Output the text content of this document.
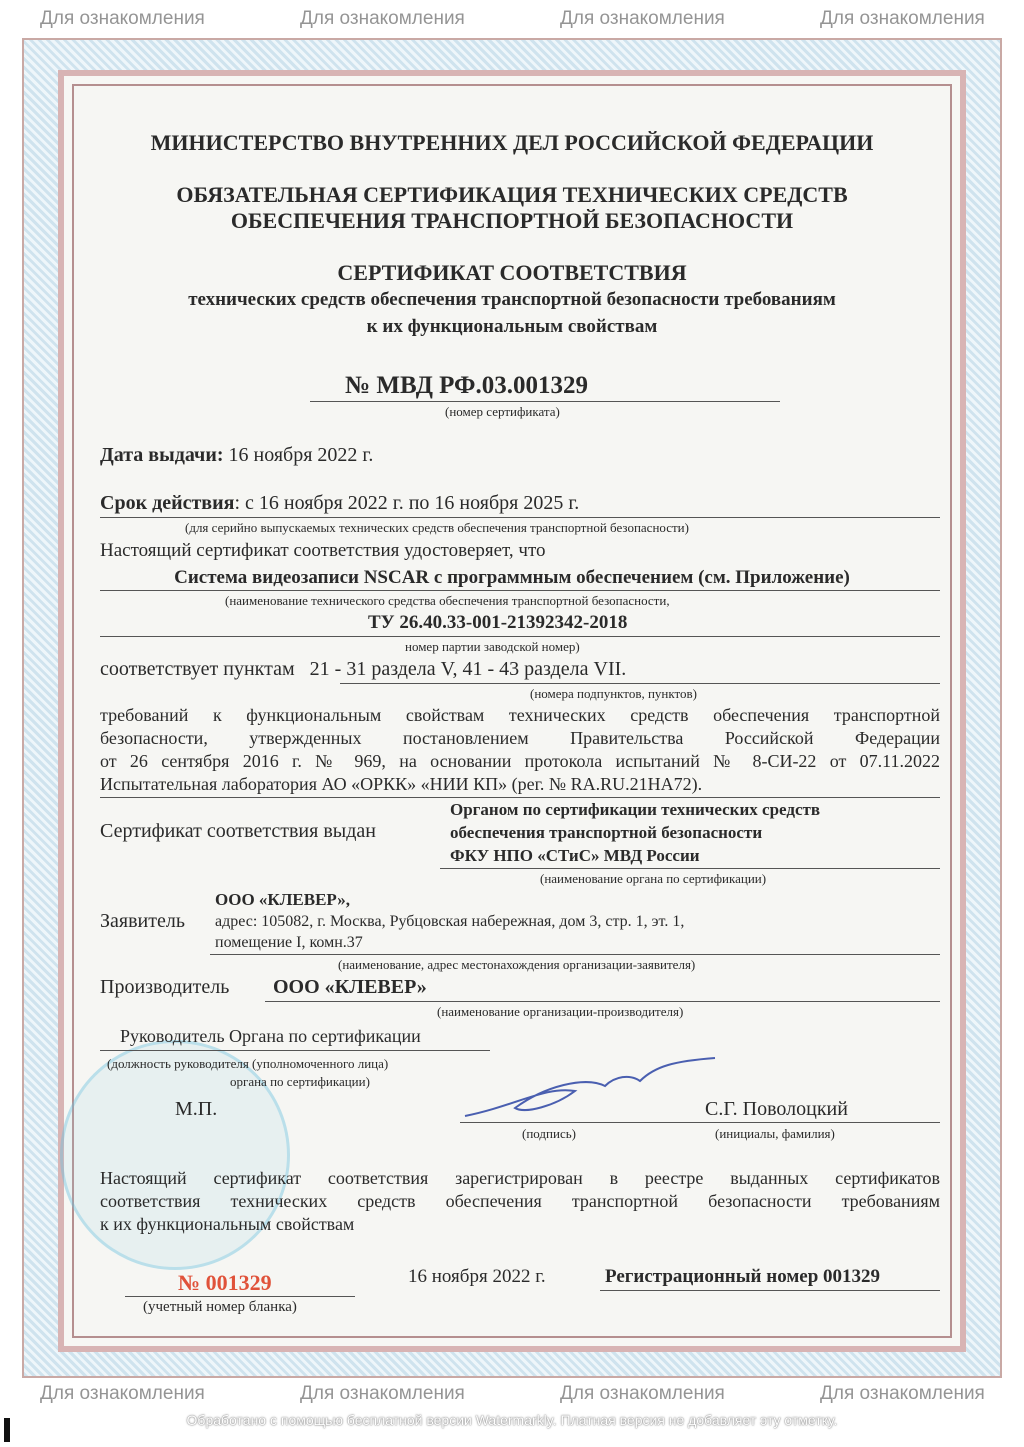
МИНИСТЕРСТВО ВНУТРЕННИХ ДЕЛ РОССИЙСКОЙ ФЕДЕРАЦИИ
ОБЯЗАТЕЛЬНАЯ СЕРТИФИКАЦИЯ ТЕХНИЧЕСКИХ СРЕДСТВ
ОБЕСПЕЧЕНИЯ ТРАНСПОРТНОЙ БЕЗОПАСНОСТИ
СЕРТИФИКАТ СООТВЕТСТВИЯ
технических средств обеспечения транспортной безопасности требованиям
к их функциональным свойствам
№ МВД РФ.03.001329
(номер сертификата)
Дата выдачи: 16 ноября 2022 г.
Срок действия: с 16 ноября 2022 г. по 16 ноября 2025 г.
(для серийно выпускаемых технических средств обеспечения транспортной безопасности)
Настоящий сертификат соответствия удостоверяет, что
Система видеозаписи NSCAR с программным обеспечением (см. Приложение)
(наименование технического средства обеспечения транспортной безопасности,
ТУ 26.40.33-001-21392342-2018
номер партии заводской номер)
соответствует пунктам 21 - 31 раздела V, 41 - 43 раздела VII.
(номера подпунктов, пунктов)
требований к функциональным свойствам технических средств обеспечения транспортной
безопасности, утвержденных постановлением Правительства Российской Федерации
от 26 сентября 2016 г. № 969, на основании протокола испытаний № 8-СИ-22 от 07.11.2022
Испытательная лаборатория АО «ОРКК» «НИИ КП» (рег. № RA.RU.21НА72).
Органом по сертификации технических средств
Сертификат соответствия выдан	обеспечения транспортной безопасности
ФКУ НПО «СТиС» МВД России
(наименование органа по сертификации)
ООО «КЛЕВЕР»,
Заявитель адрес: 105082, г. Москва, Рубцовская набережная, дом 3, стр. 1, эт. 1,
помещение I, комн.37
(наименование, адрес местонахождения организации-заявителя)
Производитель ООО «КЛЕВЕР»
(наименование организации-производителя)
Руководитель Органа по сертификации
(должность руководителя (уполномоченного лица)
органа по сертификации)
М.П.
(подпись)
С.Г. Поволоцкий
(инициалы, фамилия)
Настоящий сертификат соответствия зарегистрирован в реестре выданных сертификатов
соответствия технических средств обеспечения транспортной безопасности требованиям
к их функциональным свойствам
№ 001329
(учетный номер бланка)
16 ноября 2022 г.	Регистрационный номер 001329
Для ознакомления	Для ознакомления	Для ознакомления	Для ознакомления
Для ознакомления	Для ознакомления	Для ознакомления	Для ознакомления
Обработано с помощью бесплатной версии Watermarkly. Платная версия не добавляет эту отметку.
